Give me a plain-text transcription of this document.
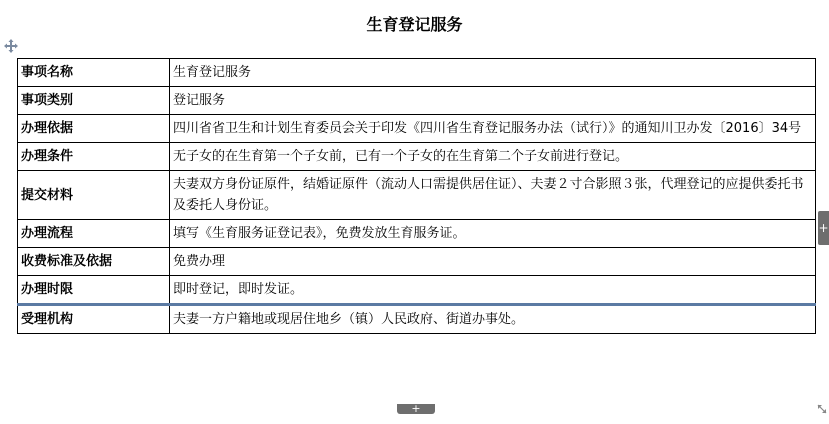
生育登记服务
事项名称	生育登记服务
事项类别	登记服务
办理依据	四川省省卫生和计划生育委员会关于印发《四川省生育登记服务办法（试行）》的通知川卫办发〔2016〕34号
办理条件	无子女的在生育第一个子女前，已有一个子女的在生育第二个子女前进行登记。
提交材料	夫妻双方身份证原件，结婚证原件（流动人口需提供居住证）、夫妻２寸合影照３张，代理登记的应提供委托书及委托人身份证。
办理流程	填写《生育服务证登记表》，免费发放生育服务证。
收费标准及依据	免费办理
办理时限	即时登记，即时发证。
受理机构	夫妻一方户籍地或现居住地乡（镇）人民政府、街道办事处。
+
+
